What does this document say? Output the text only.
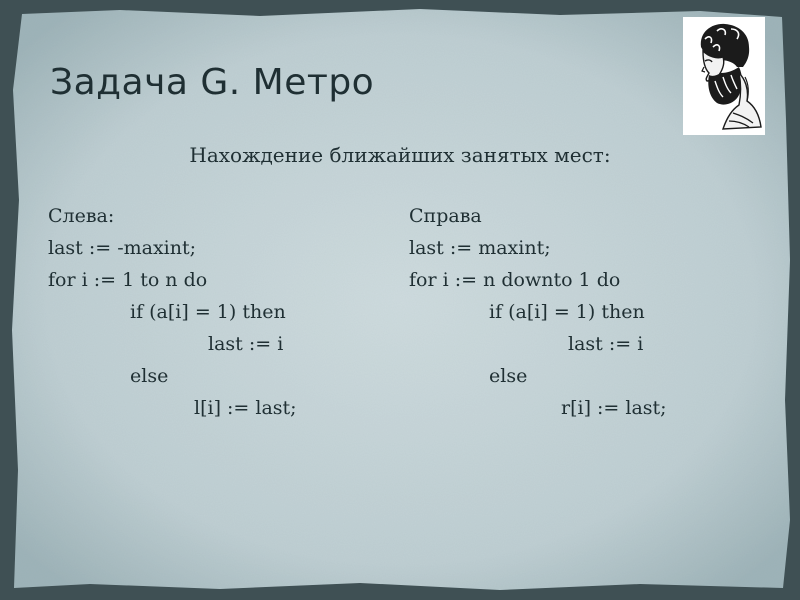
Задача G. Метро
Нахождение ближайших занятых мест:
Слева:
last := -maxint;
for i := 1 to n do
if (a[i] = 1) then
last := i
else
l[i] := last;
Справа
last := maxint;
for i := n downto 1 do
if (a[i] = 1) then
last := i
else
r[i] := last;
